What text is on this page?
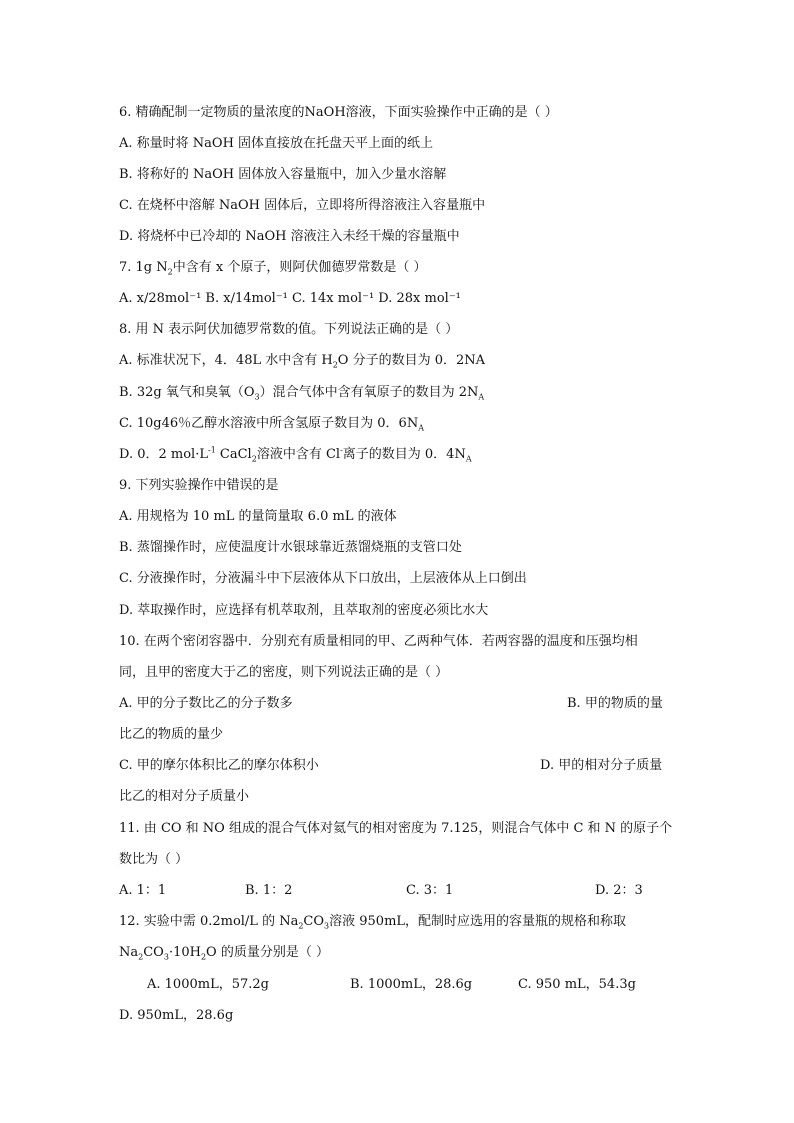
6. 精确配制一定物质的量浓度的NaOH溶液，下面实验操作中正确的是（ ）
A. 称量时将 NaOH 固体直接放在托盘天平上面的纸上
B. 将称好的 NaOH 固体放入容量瓶中，加入少量水溶解
C. 在烧杯中溶解 NaOH 固体后，立即将所得溶液注入容量瓶中
D. 将烧杯中已冷却的 NaOH 溶液注入未经干燥的容量瓶中
7. 1g $N_2$中含有 x 个原子，则阿伏伽德罗常数是（ ）
A. x/28mol⁻¹ B. x/14mol⁻¹ C. 14x mol⁻¹ D. 28x mol⁻¹
8. 用 N 表示阿伏加德罗常数的值。下列说法正确的是（ ）
A. 标准状况下，4．48L 水中含有 $H_2O$ 分子的数目为 0．2NA
B. 32g 氧气和臭氧$(O_3)$混合气体中含有氧原子的数目为 $2N_A$
C. 10g46％乙醇水溶液中所含氢原子数目为 0．$6N_A$
D. 0．2 $mol\cdot L^{-1}$ CaCl$_2$溶液中含有 Cl-离子的数目为 0．$4N_A$
9. 下列实验操作中错误的是
A. 用规格为 10 mL 的量筒量取 6.0 mL 的液体
B. 蒸馏操作时，应使温度计水银球靠近蒸馏烧瓶的支管口处
C. 分液操作时，分液漏斗中下层液体从下口放出，上层液体从上口倒出
D. 萃取操作时，应选择有机萃取剂，且萃取剂的密度必须比水大
10. 在两个密闭容器中．分别充有质量相同的甲、乙两种气体．若两容器的温度和压强均相
同，且甲的密度大于乙的密度，则下列说法正确的是（ ）
A. 甲的分子数比乙的分子数多	B. 甲的物质的量
比乙的物质的量少
C. 甲的摩尔体积比乙的摩尔体积小	D. 甲的相对分子质量
比乙的相对分子质量小
11. 由 CO 和 NO 组成的混合气体对氦气的相对密度为 7.125，则混合气体中 C 和 N 的原子个
数比为（ ）
A. 1：1	B. 1：2	C. 3：1	D. 2：3
12. 实验中需 0.2mol/L 的 $Na_2CO_3$溶液 950mL，配制时应选用的容量瓶的规格和称取
$Na_2CO_3\cdot 10H_2O$ 的质量分别是（ ）
A. 1000mL，57.2g	B. 1000mL，28.6g	C. 950 mL，54.3g
D. 950mL，28.6g
